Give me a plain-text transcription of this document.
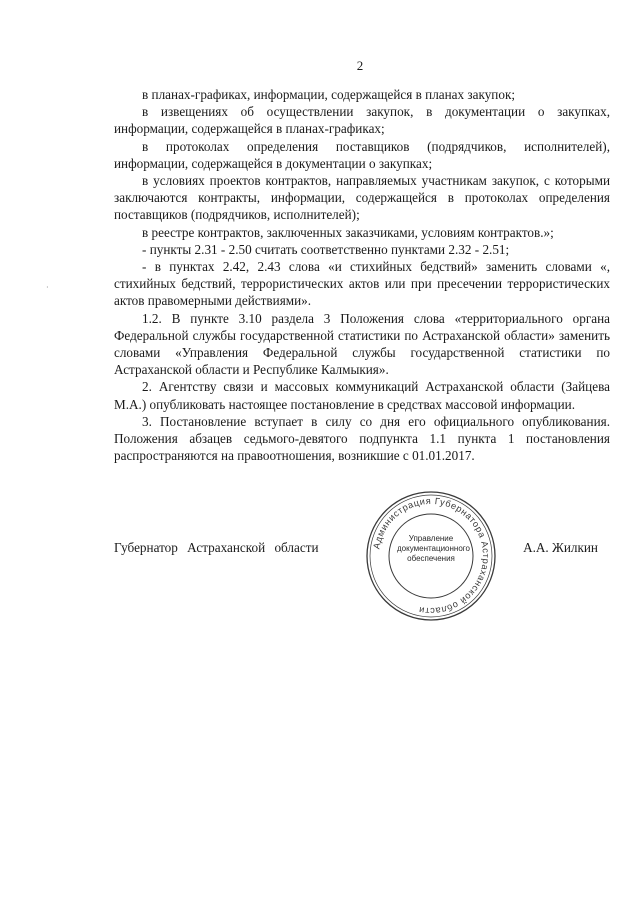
2

в планах-графиках, информации, содержащейся в планах закупок;

в извещениях об осуществлении закупок, в документации о закупках, информации, содержащейся в планах-графиках;

в протоколах определения поставщиков (подрядчиков, исполнителей), информации, содержащейся в документации о закупках;

в условиях проектов контрактов, направляемых участникам закупок, с которыми заключаются контракты, информации, содержащейся в протоколах определения поставщиков (подрядчиков, исполнителей);

в реестре контрактов, заключенных заказчиками, условиям контрактов.»;

- пункты 2.31 - 2.50 считать соответственно пунктами 2.32 - 2.51;

- в пунктах 2.42, 2.43 слова «и стихийных бедствий» заменить словами «, стихийных бедствий, террористических актов или при пресечении террористических актов правомерными действиями».

1.2. В пункте 3.10 раздела 3 Положения слова «территориального органа Федеральной службы государственной статистики по Астраханской области» заменить словами «Управления Федеральной службы государственной статистики по Астраханской области и Республике Калмыкия».

2. Агентству связи и массовых коммуникаций Астраханской области (Зайцева М.А.) опубликовать настоящее постановление в средствах массовой информации.

3. Постановление вступает в силу со дня его официального опубликования. Положения абзацев седьмого-девятого подпункта 1.1 пункта 1 постановления распространяются на правоотношения, возникшие с 01.01.2017.

·
Губернатор Астраханской области	А.А. Жилкин
Администрация Губернатора Астраханской области
Управление документационного обеспечения
